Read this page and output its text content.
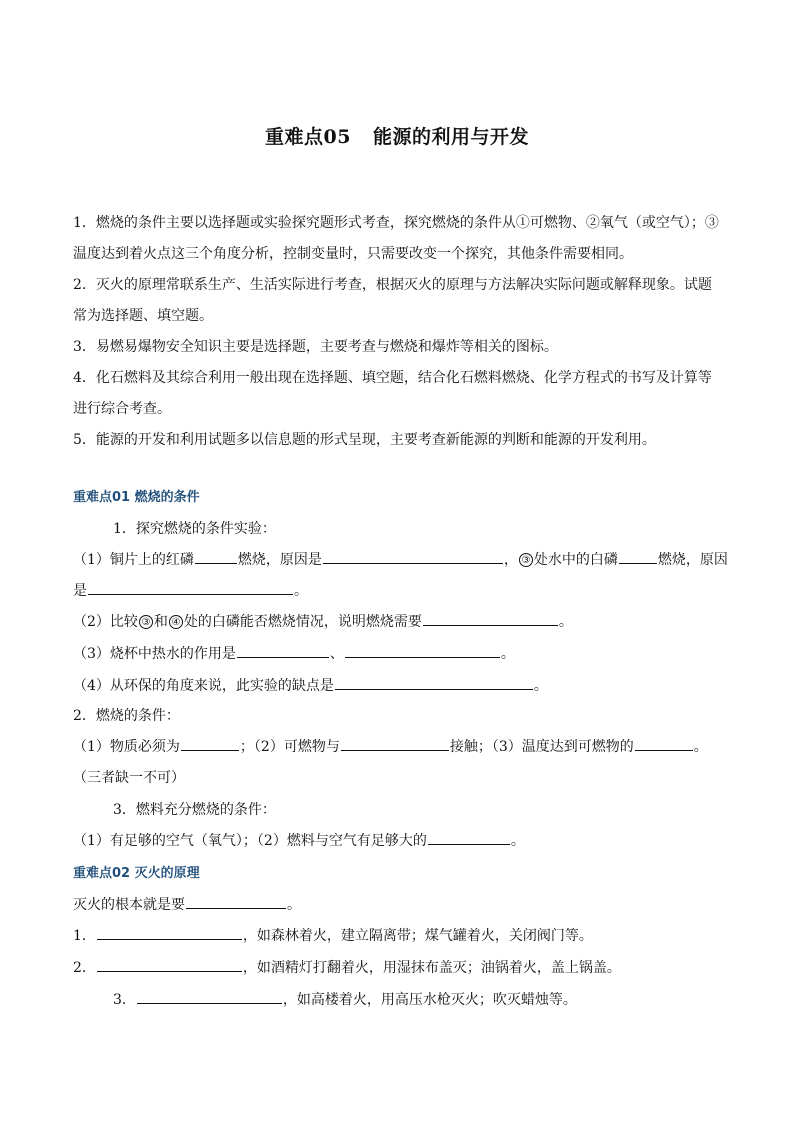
重难点05 能源的利用与开发

1．燃烧的条件主要以选择题或实验探究题形式考查，探究燃烧的条件从①可燃物、②氧气（或空气）；③温度达到着火点这三个角度分析，控制变量时，只需要改变一个探究，其他条件需要相同。

2．灭火的原理常联系生产、生活实际进行考查，根据灭火的原理与方法解决实际问题或解释现象。试题常为选择题、填空题。

3．易燃易爆物安全知识主要是选择题，主要考查与燃烧和爆炸等相关的图标。

4．化石燃料及其综合利用一般出现在选择题、填空题，结合化石燃料燃烧、化学方程式的书写及计算等进行综合考查。

5．能源的开发和利用试题多以信息题的形式呈现，主要考查新能源的判断和能源的开发利用。

重难点01 燃烧的条件
1．探究燃烧的条件实验：
（1）铜片上的红磷	燃烧，原因是	， ③ 处水中的白磷	燃烧，原因
是	。
（2）比较 ③ 和 ④ 处的白磷能否燃烧情况，说明燃烧需要	。
（3）烧杯中热水的作用是	、	。
（4）从环保的角度来说，此实验的缺点是	。
2．燃烧的条件：
（1）物质必须为	；（2）可燃物与	接触；（3）温度达到可燃物的	。
（三者缺一不可）
3．燃料充分燃烧的条件：
（1）有足够的空气（氧气）；（2）燃料与空气有足够大的	。
重难点02 灭火的原理
灭火的根本就是要	。
1．	，如森林着火，建立隔离带；煤气罐着火，关闭阀门等。
2．	，如酒精灯打翻着火，用湿抹布盖灭；油锅着火，盖上锅盖。
3．	，如高楼着火，用高压水枪灭火；吹灭蜡烛等。
